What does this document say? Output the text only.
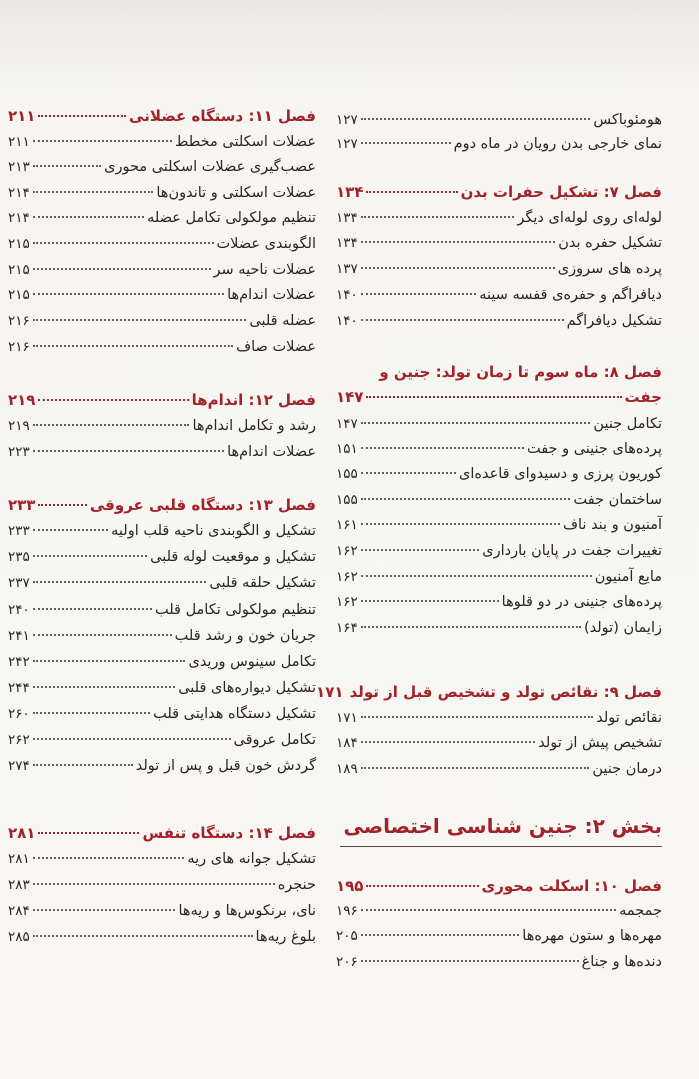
هومئوباکس
۱۲۷
نمای خارجی بدن رویان در ماه دوم
۱۲۷
فصل ۷: تشکیل حفرات بدن
۱۳۴
لوله‌ای روی لوله‌ای دیگر
۱۳۴
تشکیل حفره بدن
۱۳۴
پرده های سروزی
۱۳۷
دیافراگم و حفره‌ی قفسه سینه
۱۴۰
تشکیل دیافراگم
۱۴۰
فصل ۸: ماه سوم تا زمان تولد: جنین و
جفت
۱۴۷
تکامل جنین
۱۴۷
پرده‌های جنینی و جفت
۱۵۱
کوریون پرزی و دسیدوای قاعده‌ای
۱۵۵
ساختمان جفت
۱۵۵
آمنیون و بند ناف
۱۶۱
تغییرات جفت در پایان بارداری
۱۶۲
مایع آمنیون
۱۶۲
پرده‌های جنینی در دو قلوها
۱۶۲
زایمان (تولد)
۱۶۴
فصل ۹: نقائص تولد و تشخیص قبل از تولد
۱۷۱
نقائص تولد
۱۷۱
تشخیص پیش از تولد
۱۸۴
درمان جنین
۱۸۹
بخش ۲: جنین شناسی اختصاصی
فصل ۱۰: اسکلت محوری
۱۹۵
جمجمه
۱۹۶
مهره‌ها و ستون مهره‌ها
۲۰۵
دنده‌ها و جناغ
۲۰۶
فصل ۱۱: دستگاه عضلانی
۲۱۱
عضلات اسکلتی مخطط
۲۱۱
عصب‌گیری عضلات اسکلتی محوری
۲۱۳
عضلات اسکلتی و تاندون‌ها
۲۱۴
تنظیم مولکولی تکامل عضله
۲۱۴
الگوبندی عضلات
۲۱۵
عضلات ناحیه سر
۲۱۵
عضلات اندام‌ها
۲۱۵
عضله قلبی
۲۱۶
عضلات صاف
۲۱۶
فصل ۱۲: اندام‌ها
۲۱۹
رشد و تکامل اندام‌ها
۲۱۹
عضلات اندام‌ها
۲۲۳
فصل ۱۳: دستگاه قلبی عروقی
۲۳۳
تشکیل و الگوبندی ناحیه قلب اولیه
۲۳۳
تشکیل و موقعیت لوله قلبی
۲۳۵
تشکیل حلقه قلبی
۲۳۷
تنظیم مولکولی تکامل قلب
۲۴۰
جریان خون و رشد قلب
۲۴۱
تکامل سینوس وریدی
۲۴۲
تشکیل دیواره‌های قلبی
۲۴۴
تشکیل دستگاه هدایتی قلب
۲۶۰
تکامل عروقی
۲۶۲
گردش خون قبل و پس از تولد
۲۷۴
فصل ۱۴: دستگاه تنفس
۲۸۱
تشکیل جوانه های ریه
۲۸۱
حنجره
۲۸۳
نای، برنکوس‌ها و ریه‌ها
۲۸۴
بلوغ ریه‌ها
۲۸۵
